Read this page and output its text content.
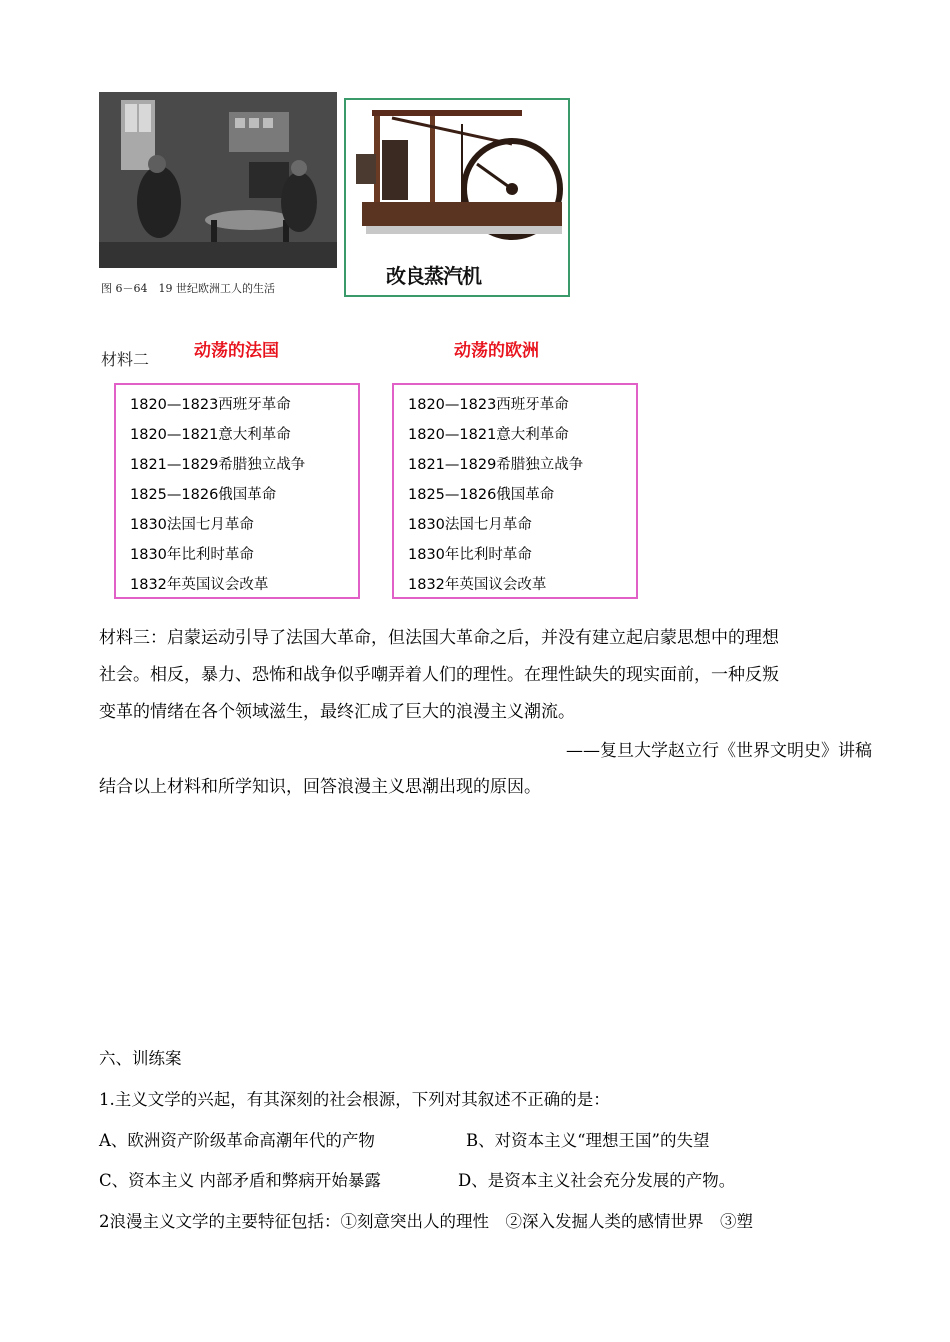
图 6－64　19 世纪欧洲工人的生活
改良蒸汽机
材料二	动荡的法国	动荡的欧洲
1820—1823西班牙革命
1820—1821意大利革命
1821—1829希腊独立战争
1825—1826俄国革命
1830法国七月革命
1830年比利时革命
1832年英国议会改革
1820—1823西班牙革命
1820—1821意大利革命
1821—1829希腊独立战争
1825—1826俄国革命
1830法国七月革命
1830年比利时革命
1832年英国议会改革
材料三：启蒙运动引导了法国大革命，但法国大革命之后，并没有建立起启蒙思想中的理想
社会。相反，暴力、恐怖和战争似乎嘲弄着人们的理性。在理性缺失的现实面前，一种反叛
变革的情绪在各个领域滋生，最终汇成了巨大的浪漫主义潮流。
——复旦大学赵立行《世界文明史》讲稿
结合以上材料和所学知识，回答浪漫主义思潮出现的原因。
六、训练案
1.主义文学的兴起，有其深刻的社会根源，下列对其叙述不正确的是：
A、欧洲资产阶级革命高潮年代的产物	B、对资本主义“理想王国”的失望
C、资本主义 内部矛盾和弊病开始暴露	D、是资本主义社会充分发展的产物。
2浪漫主义文学的主要特征包括：①刻意突出人的理性　②深入发掘人类的感情世界　③塑
